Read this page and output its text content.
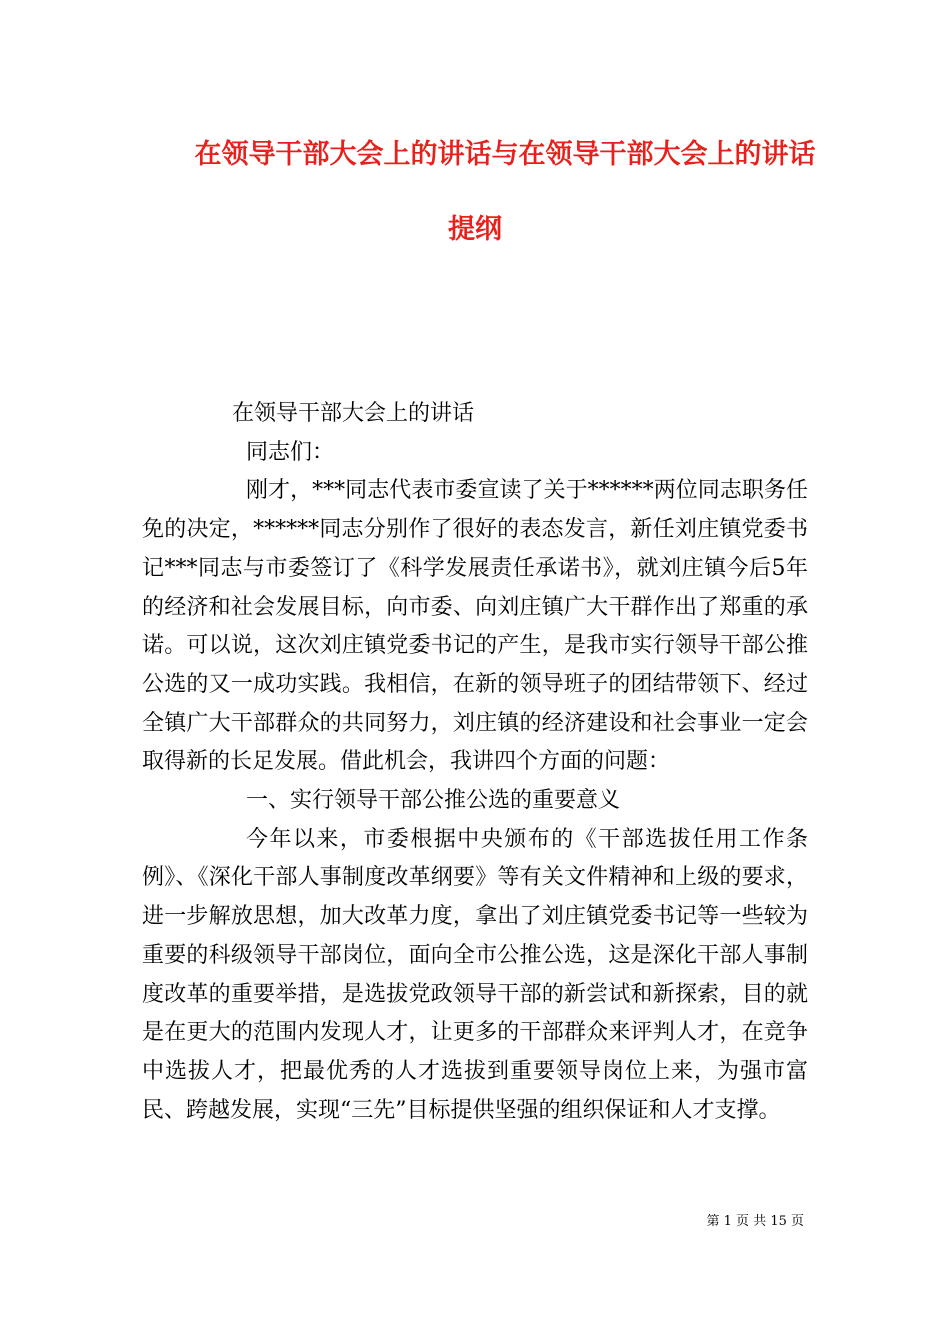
在领导干部大会上的讲话与在领导干部大会上的讲话
提纲

在领导干部大会上的讲话

同志们：

刚才，***同志代表市委宣读了关于******两位同志职务任免的决定，******同志分别作了很好的表态发言，新任刘庄镇党委书记***同志与市委签订了《科学发展责任承诺书》，就刘庄镇今后5年的经济和社会发展目标，向市委、向刘庄镇广大干群作出了郑重的承诺。可以说，这次刘庄镇党委书记的产生，是我市实行领导干部公推公选的又一成功实践。我相信，在新的领导班子的团结带领下、经过全镇广大干部群众的共同努力，刘庄镇的经济建设和社会事业一定会取得新的长足发展。借此机会，我讲四个方面的问题：

一、实行领导干部公推公选的重要意义

今年以来，市委根据中央颁布的《干部选拔任用工作条例》、《深化干部人事制度改革纲要》等有关文件精神和上级的要求，进一步解放思想，加大改革力度，拿出了刘庄镇党委书记等一些较为重要的科级领导干部岗位，面向全市公推公选，这是深化干部人事制度改革的重要举措，是选拔党政领导干部的新尝试和新探索，目的就是在更大的范围内发现人才，让更多的干部群众来评判人才，在竞争中选拔人才，把最优秀的人才选拔到重要领导岗位上来，为强市富民、跨越发展，实现“三先”目标提供坚强的组织保证和人才支撑。

第 1 页 共 15 页
